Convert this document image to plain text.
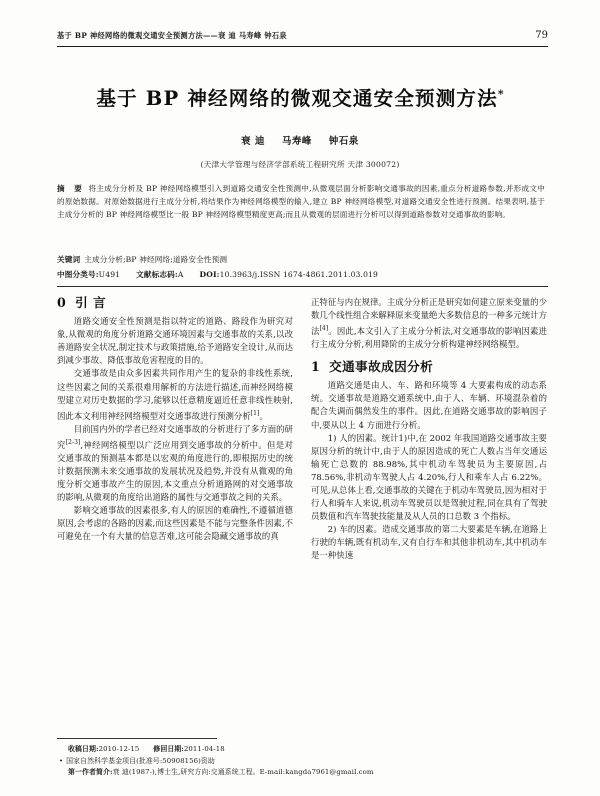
基于 BP 神经网络的微观交通安全预测方法——衰 迪 马寿峰 钟石泉	79
基于 BP 神经网络的微观交通安全预测方法*
衰 迪 马寿峰 钟石泉
(天津大学管理与经济学部系统工程研究所 天津 300072)

摘 要 将主成分分析及 BP 神经网络模型引入到道路交通安全性预测中,从微观层面分析影响交通事故的因素,重点分析道路参数,并形成文中的原始数据。对原始数据进行主成分分析,将结果作为神经网络模型的输入,建立 BP 神经网络模型,对道路交通安全性进行预测。结果表明,基于主成分分析的 BP 神经网络模型比一般 BP 神经网络模型精度更高;而且从微观的层面进行分析可以得到道路参数对交通事故的影响。

关键词 主成分分析;BP 神经网络;道路安全性预测
中图分类号:U491 文献标志码:A DOI:10.3963/j.ISSN 1674-4861.2011.03.019
0 引 言

道路交通安全性预测是指以特定的道路、路段作为研究对象,从微观的角度分析道路交通环境因素与交通事故的关系,以改善道路安全状况,制定技术与政策措施,给予道路安全设计,从而达到减少事故、降低事故危害程度的目的。

交通事故是由众多因素共同作用产生的复杂的非线性系统,这些因素之间的关系很难用解析的方法进行描述,而神经网络模型建立对历史数据的学习,能够以任意精度逼近任意非线性映射,因此本文利用神经网络模型对交通事故进行预测分析[1]。

目前国内外的学者已经对交通事故的分析进行了多方面的研究[2-3],神经网络模型以广泛应用到交通事故的分析中。但是对交通事故的预测基本都是以宏观的角度进行的,即根据历史的统计数据预测未来交通事故的发展状况及趋势,并没有从微观的角度分析交通事故产生的原因,本文重点分析道路网的对交通事故的影响,从微观的角度给出道路的属性与交通事故之间的关系。

影响交通事故的因素很多,有人的原因的难确性,不遵循道德原因,会考虑的各路的因素,而这些因素是不能与完整条件因素,不可避免在一个有大量的信息苦难,这可能会隐藏交通事故的真

正特征与内在规律。主成分分析正是研究如何建立原来变量的少数几个线性组合来解释原来变量绝大多数信息的一种多元统计方法[4]。因此,本文引入了主成分分析法,对交通事故的影响因素进行主成分分析,利用降阶的主成分分析构建神经网络模型。

1 交通事故成因分析

道路交通是由人、车、路和环境等 4 大要素构成的动态系统。交通事故是道路交通系统中,由于人、车辆、环境混杂着的配合失调而偶然发生的事件。因此,在道路交通事故的影响因子中,要从以上 4 方面进行分析。

1) 人的因素。统计1)中,在 2002 年我国道路交通事故主要原因分析的统计中,由于人的原因造成的死亡人数占当年交通运输死亡总数的 88.98%,其中机动车驾驶员为主要原因,占 78.56%,非机动车驾驶人占 4.20%,行人和乘车人占 6.22%。可见,从总体上看,交通事故的关键在于机动车驾驶员,因为相对于行人和骑车人来说,机动车驾驶员以是驾驶过程,同在具有了驾驶员数值和汽车驾驶技能量及从人员的口总数 3 个指标。

2) 车的因素。造成交通事故的第二大要素是车辆,在道路上行驶的车辆,既有机动车,又有自行车和其他非机动车,其中机动车是一种快速

收稿日期:2010-12-15 修回日期:2011-04-18
• 国家自然科学基金项目(批准号:50908156)资助
第一作者简介:衰 迪(1987-),博士生,研究方向:交通系统工程。E-mail:kangda7961@gmail.com
